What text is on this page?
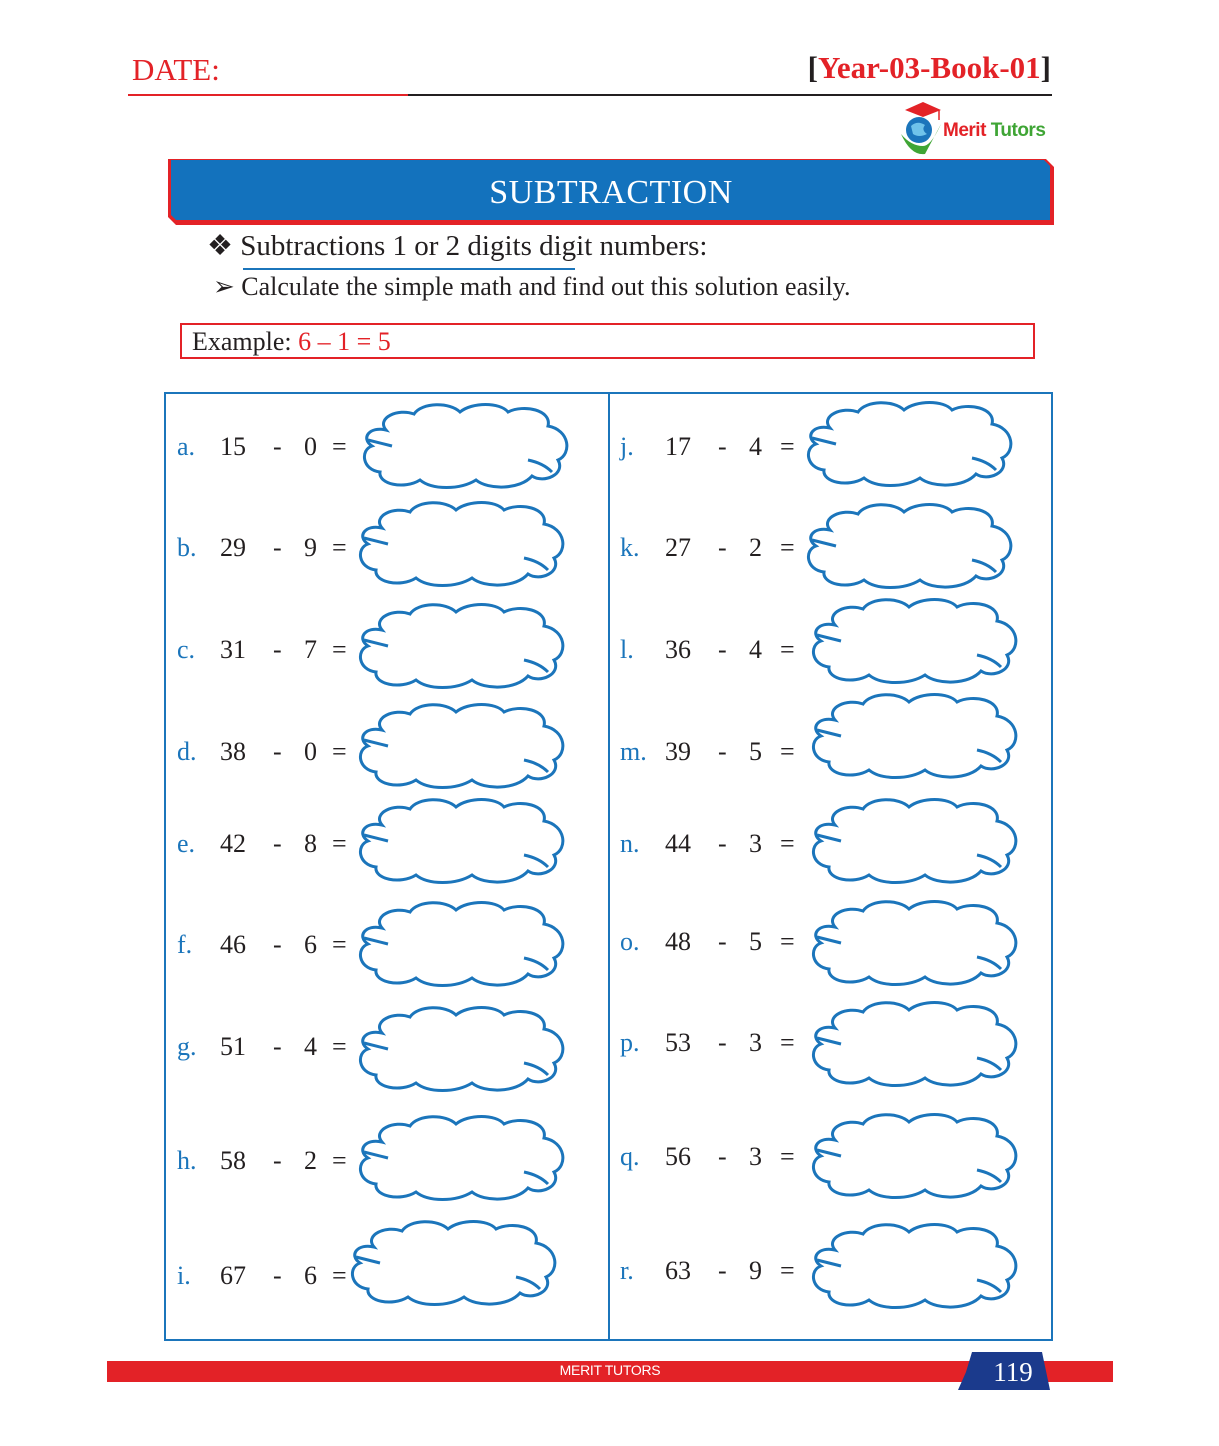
DATE:	[Year-03-Book-01]
Merit Tutors
SUBTRACTION
❖ Subtractions 1 or 2 digits digit numbers:
➢ Calculate the simple math and find out this solution easily.
Example: 6 – 1 = 5
a. 15 - 0 =
b. 29 - 9 =
c. 31 - 7 =
d. 38 - 0 =
e. 42 - 8 =
f. 46 - 6 =
g. 51 - 4 =
h. 58 - 2 =
i. 67 - 6 =
j. 17 - 4 =
k. 27 - 2 =
l. 36 - 4 =
m. 39 - 5 =
n. 44 - 3 =
o. 48 - 5 =
p. 53 - 3 =
q. 56 - 3 =
r. 63 - 9 =
MERIT TUTORS	119
